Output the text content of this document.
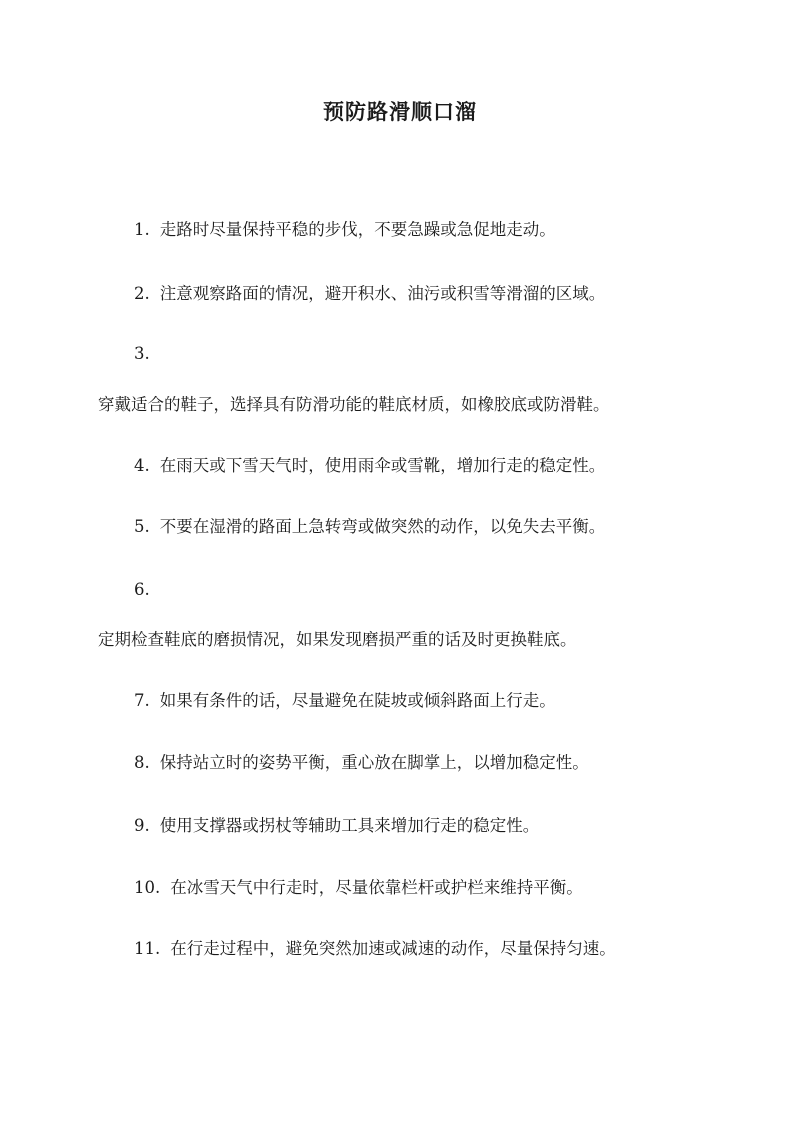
预防路滑顺口溜

1. 走路时尽量保持平稳的步伐，不要急躁或急促地走动。

2. 注意观察路面的情况，避开积水、油污或积雪等滑溜的区域。

3.

穿戴适合的鞋子，选择具有防滑功能的鞋底材质，如橡胶底或防滑鞋。

4. 在雨天或下雪天气时，使用雨伞或雪靴，增加行走的稳定性。

5. 不要在湿滑的路面上急转弯或做突然的动作，以免失去平衡。

6.

定期检查鞋底的磨损情况，如果发现磨损严重的话及时更换鞋底。

7. 如果有条件的话，尽量避免在陡坡或倾斜路面上行走。

8. 保持站立时的姿势平衡，重心放在脚掌上，以增加稳定性。

9. 使用支撑器或拐杖等辅助工具来增加行走的稳定性。

10. 在冰雪天气中行走时，尽量依靠栏杆或护栏来维持平衡。

11. 在行走过程中，避免突然加速或减速的动作，尽量保持匀速。
